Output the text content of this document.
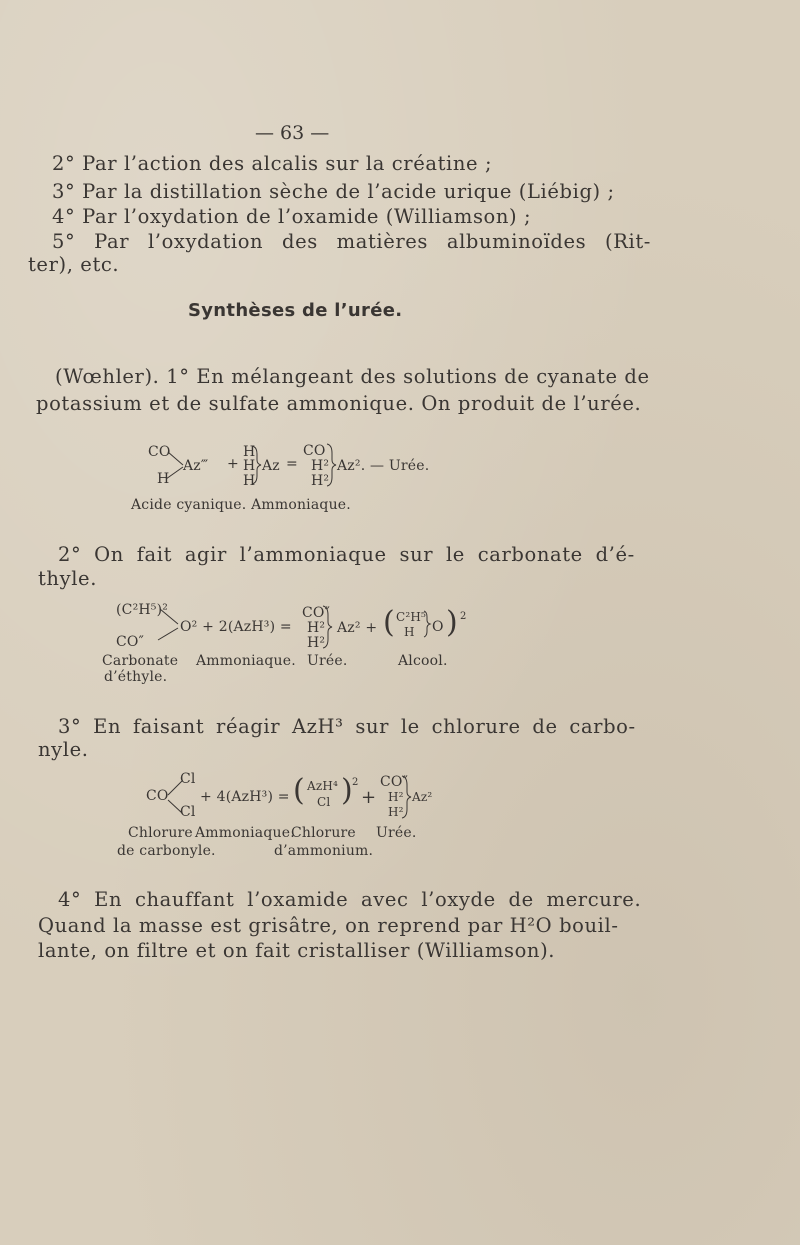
— 63 —
2° Par l’action des alcalis sur la créatine ;
3° Par la distillation sèche de l’acide urique (Liébig) ;
4° Par l’oxydation de l’oxamide (Williamson) ;
5° Par l’oxydation des matières albuminoïdes (Rit-
ter), etc.
Synthèses de l’urée.
(Wœhler). 1° En mélangeant des solutions de cyanate de
potassium et de sulfate ammonique. On produit de l’urée.
CO
H
Az‴ +
H
H
H
Az =
CO
H² Az². — Urée.
H²
Acide cyanique. Ammoniaque.
2° On fait agir l’ammoniaque sur le carbonate d’é-
thyle.
(C²H⁵)²
CO″
O² + 2(AzH³) =
CO″
H² Az² +
H²
( C²H⁵
H O ) 2
Carbonate Ammoniaque. Urée.	Alcool.
d’éthyle.
3° En faisant réagir AzH³ sur le chlorure de carbo-
nyle.
Cl
CO
Cl
+ 4(AzH³) = ( AzH⁴
Cl ) 2
+
CO″
H² Az²
H²
Chlorure Ammoniaque.
Chlorure Urée.
de carbonyle.	d’ammonium.
4° En chauffant l’oxamide avec l’oxyde de mercure.
Quand la masse est grisâtre, on reprend par H²O bouil-
lante, on filtre et on fait cristalliser (Williamson).
